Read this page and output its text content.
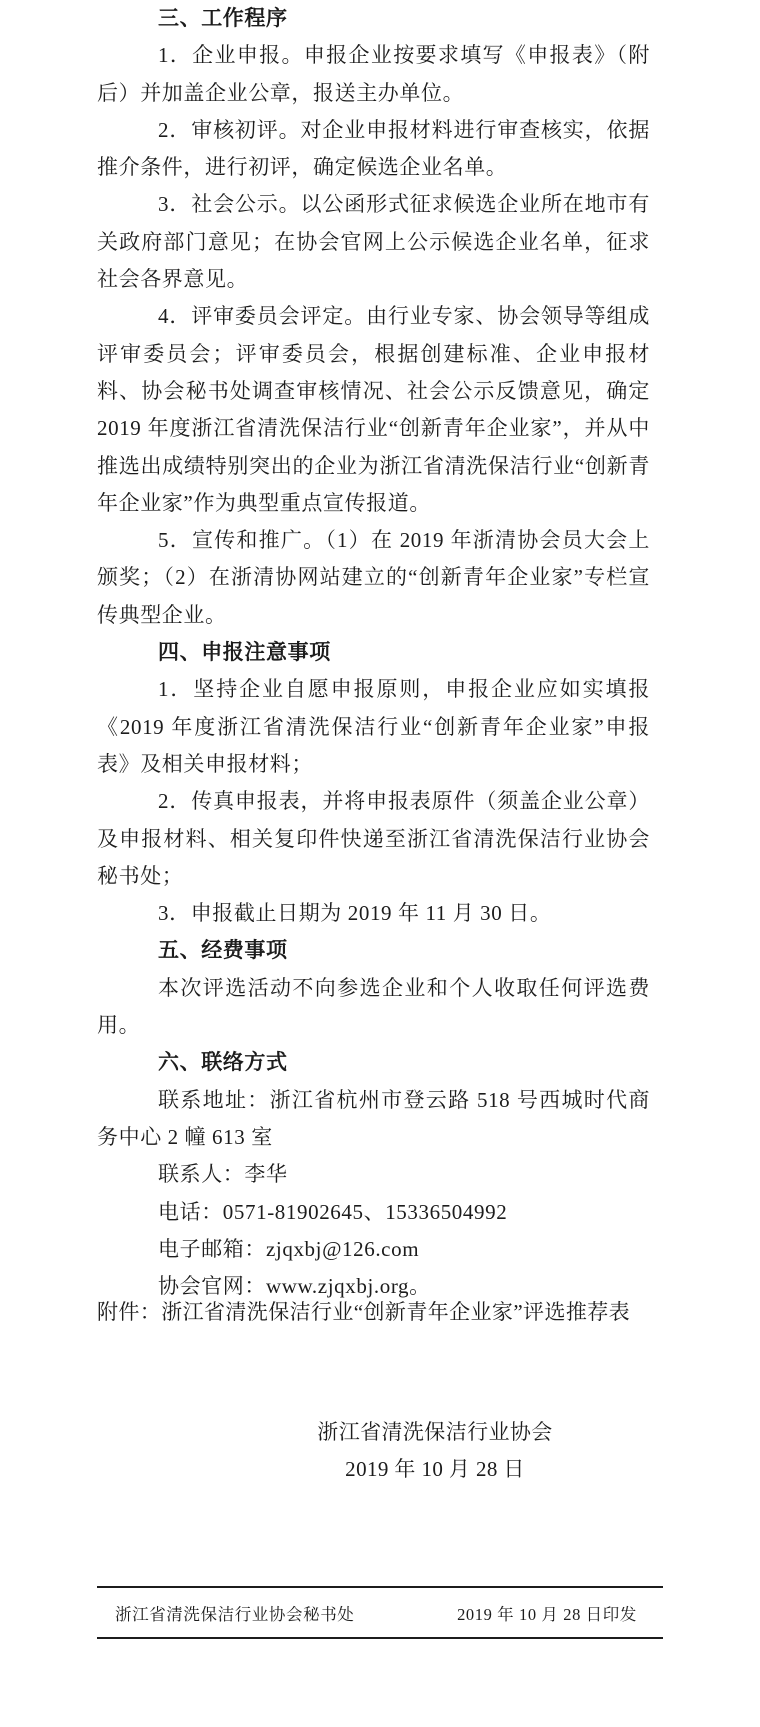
三、工作程序

1．企业申报。申报企业按要求填写《申报表》（附后）并加盖企业公章，报送主办单位。

2．审核初评。对企业申报材料进行审查核实，依据推介条件，进行初评，确定候选企业名单。

3．社会公示。以公函形式征求候选企业所在地市有关政府部门意见；在协会官网上公示候选企业名单，征求社会各界意见。

4．评审委员会评定。由行业专家、协会领导等组成评审委员会；评审委员会，根据创建标准、企业申报材料、协会秘书处调查审核情况、社会公示反馈意见，确定 2019 年度浙江省清洗保洁行业“创新青年企业家”，并从中推选出成绩特别突出的企业为浙江省清洗保洁行业“创新青年企业家”作为典型重点宣传报道。

5．宣传和推广。（1）在 2019 年浙清协会员大会上颁奖；（2）在浙清协网站建立的“创新青年企业家”专栏宣传典型企业。

四、申报注意事项

1．坚持企业自愿申报原则，申报企业应如实填报《2019 年度浙江省清洗保洁行业“创新青年企业家”申报表》及相关申报材料；

2．传真申报表，并将申报表原件（须盖企业公章）及申报材料、相关复印件快递至浙江省清洗保洁行业协会秘书处；

3．申报截止日期为 2019 年 11 月 30 日。

五、经费事项

本次评选活动不向参选企业和个人收取任何评选费用。

六、联络方式

联系地址：浙江省杭州市登云路 518 号西城时代商务中心 2 幢 613 室

联系人：李华

电话：0571-81902645、15336504992

电子邮箱：zjqxbj@126.com

协会官网：www.zjqxbj.org。

附件：浙江省清洗保洁行业“创新青年企业家”评选推荐表
浙江省清洗保洁行业协会
2019 年 10 月 28 日
浙江省清洗保洁行业协会秘书处	2019 年 10 月 28 日印发
